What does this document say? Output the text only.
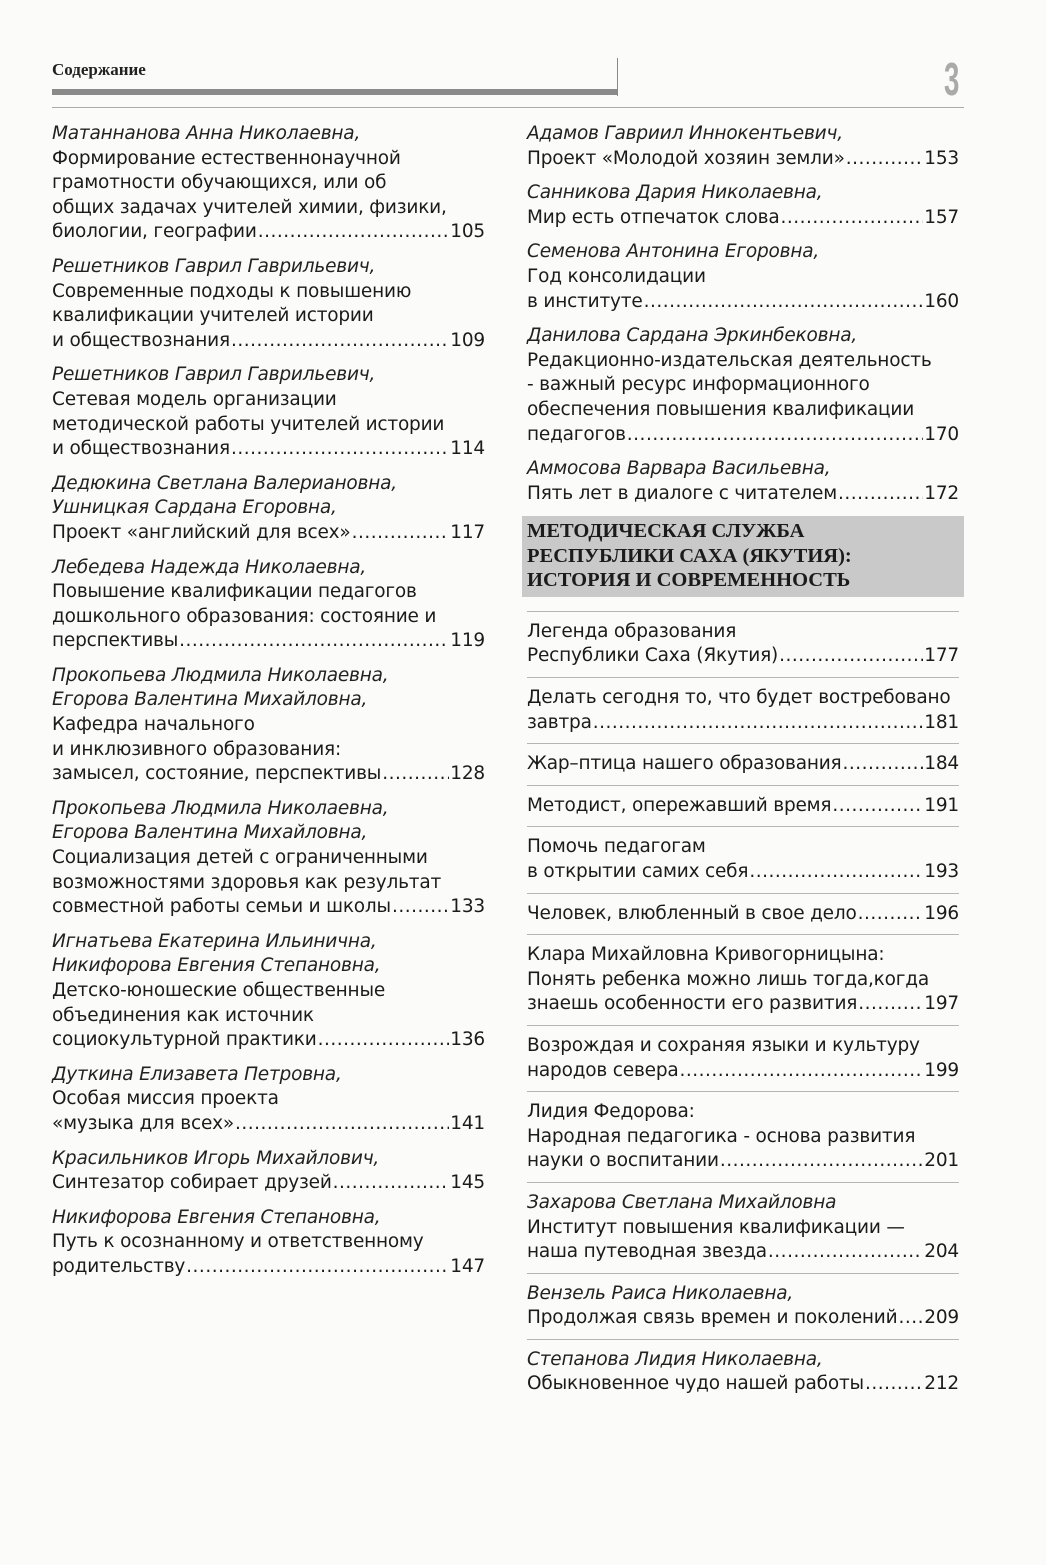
Содержание	3
Матаннанова Анна Николаевна,
Формирование естественнонаучной
грамотности обучающихся, или об
общих задачах учителей химии, физики,
биологии, географии .....	105
Решетников Гаврил Гаврильевич,
Современные подходы к повышению
квалификации учителей истории
и обществознания .....	109
Решетников Гаврил Гаврильевич,
Сетевая модель организации
методической работы учителей истории
и обществознания .....	114
Дедюкина Светлана Валериановна,
Ушницкая Сардана Егоровна,
Проект «английский для всех» .....	117
Лебедева Надежда Николаевна,
Повышение квалификации педагогов
дошкольного образования: состояние и
перспективы .....	119
Прокопьева Людмила Николаевна,
Егорова Валентина Михайловна,
Кафедра начального
и инклюзивного образования:
замысел, состояние, перспективы .....	128
Прокопьева Людмила Николаевна,
Егорова Валентина Михайловна,
Социализация детей с ограниченными
возможностями здоровья как результат
совместной работы семьи и школы .....	133
Игнатьева Екатерина Ильинична,
Никифорова Евгения Степановна,
Детско-юношеские общественные
объединения как источник
социокультурной практики .....	136
Дуткина Елизавета Петровна,
Особая миссия проекта
«музыка для всех» .....	141
Красильников Игорь Михайлович,
Синтезатор собирает друзей .....	145
Никифорова Евгения Степановна,
Путь к осознанному и ответственному
родительству .....	147
Адамов Гавриил Иннокентьевич,
Проект «Молодой хозяин земли» .....	153
Санникова Дария Николаевна,
Мир есть отпечаток слова .....	157
Семенова Антонина Егоровна,
Год консолидации
в институте .....	160
Данилова Сардана Эркинбековна,
Редакционно-издательская деятельность
- важный ресурс информационного
обеспечения повышения квалификации
педагогов .....	170
Аммосова Варвара Васильевна,
Пять лет в диалоге с читателем .....	172
МЕТОДИЧЕСКАЯ СЛУЖБА
РЕСПУБЛИКИ САХА (ЯКУТИЯ):
ИСТОРИЯ И СОВРЕМЕННОСТЬ
Легенда образования
Республики Саха (Якутия) .....	177
Делать сегодня то, что будет востребовано
завтра .....	181
Жар–птица нашего образования .....	184
Методист, опережавший время .....	191
Помочь педагогам
в открытии самих себя .....	193
Человек, влюбленный в свое дело .....	196
Клара Михайловна Кривогорницына:
Понять ребенка можно лишь тогда,когда
знаешь особенности его развития .....	197
Возрождая и сохраняя языки и культуру
народов севера .....	199
Лидия Федорова:
Народная педагогика - основа развития
науки о воспитании .....	201
Захарова Светлана Михайловна
Институт повышения квалификации —
наша путеводная звезда .....	204
Вензель Раиса Николаевна,
Продолжая связь времен и поколений ..... 209
Степанова Лидия Николаевна,
Обыкновенное чудо нашей работы .....	212
